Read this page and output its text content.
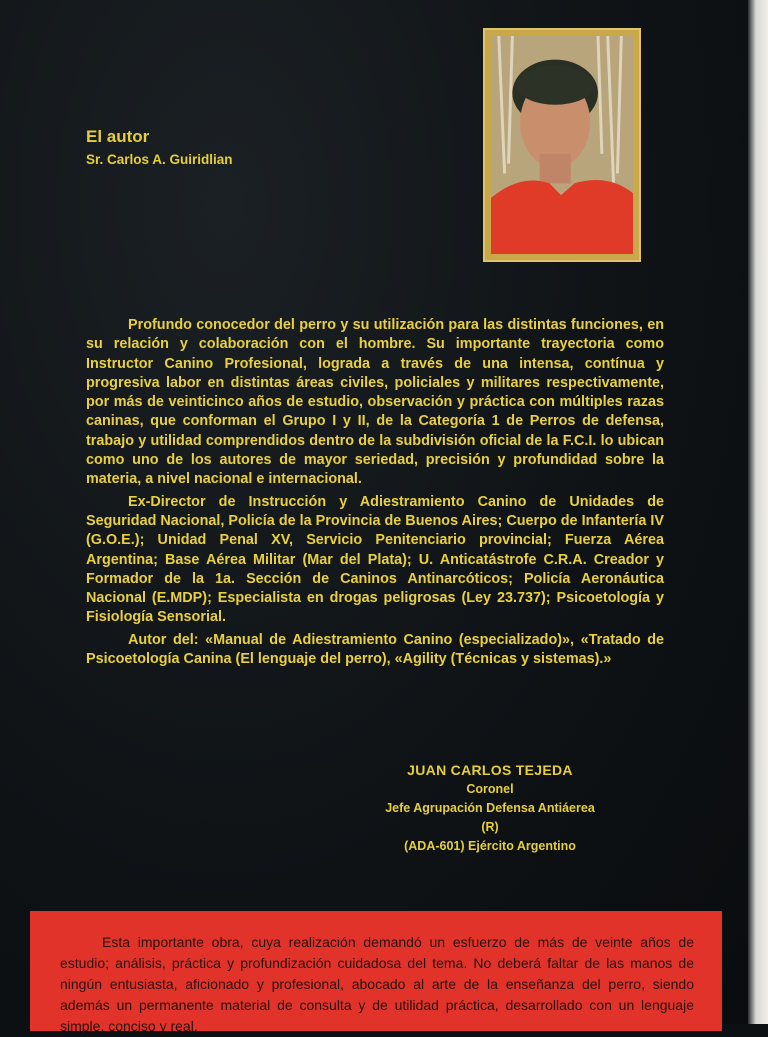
El autor
Sr. Carlos A. Guiridlian

Profundo conocedor del perro y su utilización para las distintas funciones, en su relación y colaboración con el hombre. Su importante trayectoria como Instructor Canino Profesional, lograda a través de una intensa, contínua y progresiva labor en distintas áreas civiles, policiales y militares respectivamente, por más de veinticinco años de estudio, observación y práctica con múltiples razas caninas, que conforman el Grupo I y II, de la Categoría 1 de Perros de defensa, trabajo y utilidad comprendidos dentro de la subdivisión oficial de la F.C.I. lo ubican como uno de los autores de mayor seriedad, precisión y profundidad sobre la materia, a nivel nacional e internacional.

Ex-Director de Instrucción y Adiestramiento Canino de Unidades de Seguridad Nacional, Policía de la Provincia de Buenos Aires; Cuerpo de Infantería IV (G.O.E.); Unidad Penal XV, Servicio Penitenciario provincial; Fuerza Aérea Argentina; Base Aérea Militar (Mar del Plata); U. Anticatástrofe C.R.A. Creador y Formador de la 1a. Sección de Caninos Antinarcóticos; Policía Aeronáutica Nacional (E.MDP); Especialista en drogas peligrosas (Ley 23.737); Psicoetología y Fisiología Sensorial.

Autor del: «Manual de Adiestramiento Canino (especializado)», «Tratado de Psicoetología Canina (El lenguaje del perro), «Agility (Técnicas y sistemas).»

JUAN CARLOS TEJEDA
Coronel
Jefe Agrupación Defensa Antiáerea
(R)
(ADA-601) Ejército Argentino

Esta importante obra, cuya realización demandó un esfuerzo de más de veinte años de estudio; análisis, práctica y profundización cuidadosa del tema. No deberá faltar de las manos de ningún entusiasta, aficionado y profesional, abocado al arte de la enseñanza del perro, siendo además un permanente material de consulta y de utilidad práctica, desarrollado con un lenguaje simple, conciso y real.
